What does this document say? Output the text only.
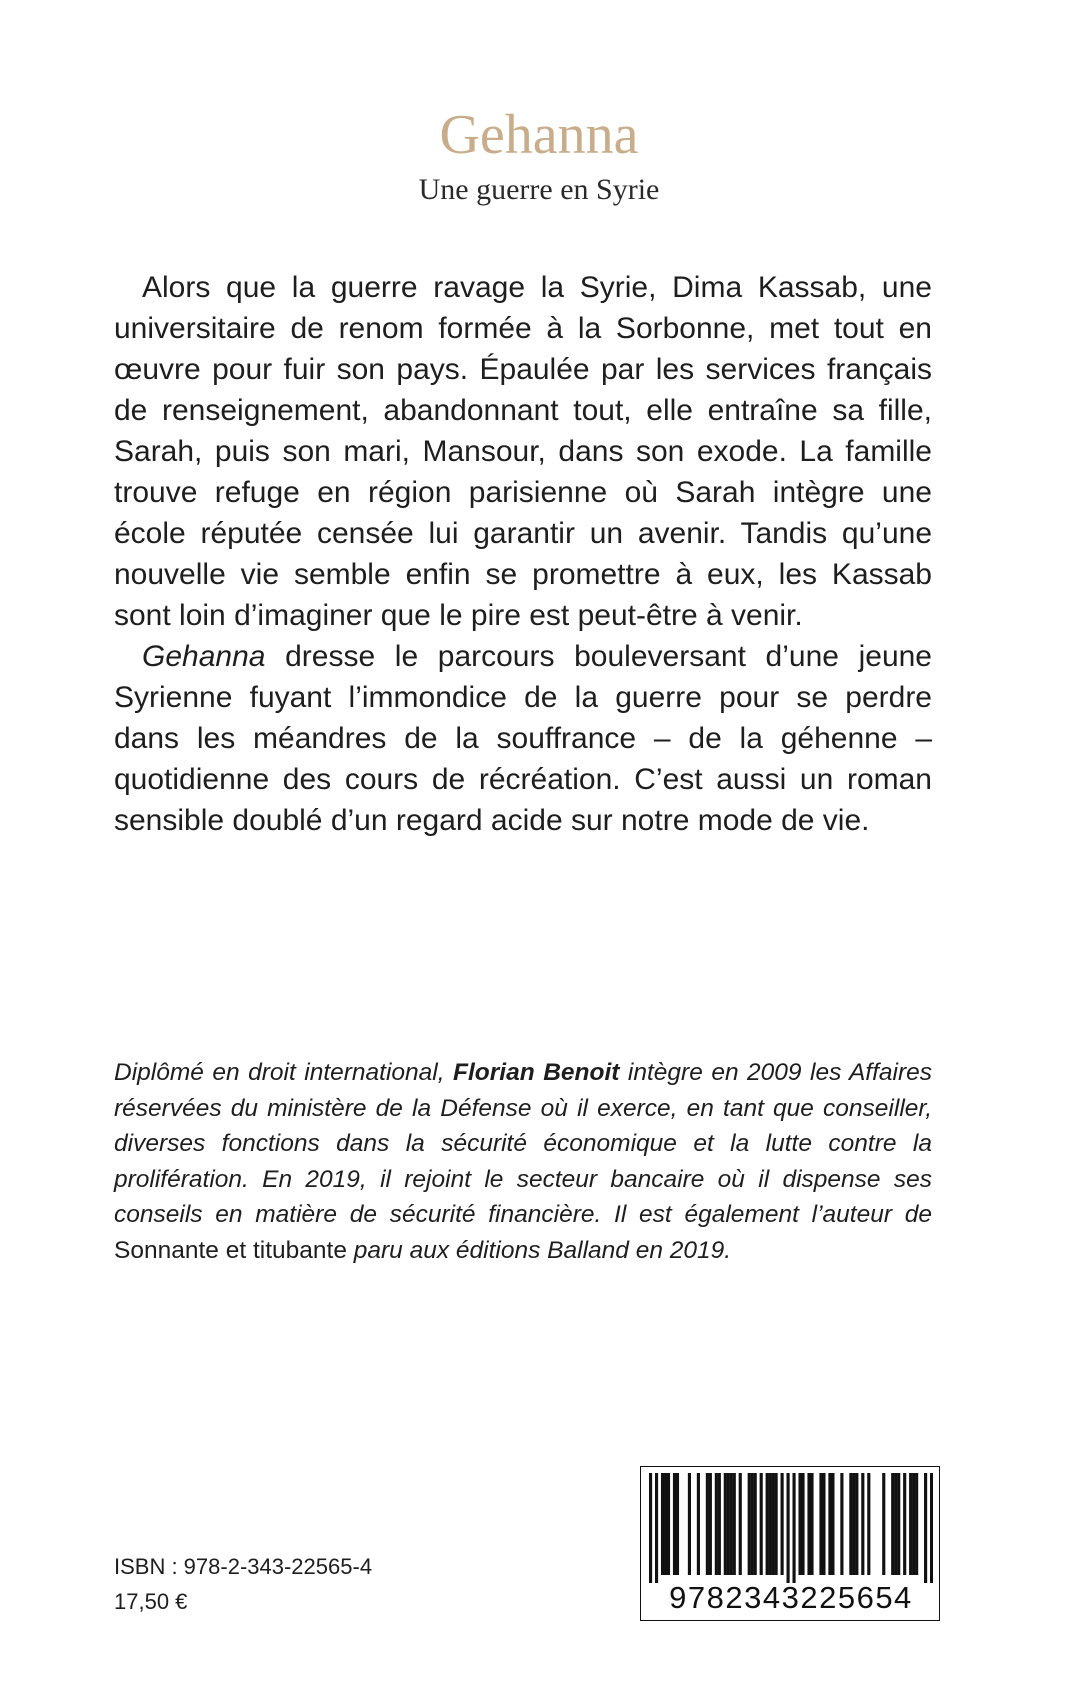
Gehanna
Une guerre en Syrie

Alors que la guerre ravage la Syrie, Dima Kassab, une universitaire de renom formée à la Sorbonne, met tout en œuvre pour fuir son pays. Épaulée par les services français de renseignement, abandonnant tout, elle entraîne sa fille, Sarah, puis son mari, Mansour, dans son exode. La famille trouve refuge en région parisienne où Sarah intègre une école réputée censée lui garantir un avenir. Tandis qu’une nouvelle vie semble enfin se promettre à eux, les Kassab sont loin d’imaginer que le pire est peut-être à venir.

Gehanna dresse le parcours bouleversant d’une jeune Syrienne fuyant l’immondice de la guerre pour se perdre dans les méandres de la souffrance – de la géhenne – quotidienne des cours de récréation. C’est aussi un roman sensible doublé d’un regard acide sur notre mode de vie.

Diplômé en droit international, Florian Benoit intègre en 2009 les Affaires réservées du ministère de la Défense où il exerce, en tant que conseiller, diverses fonctions dans la sécurité économique et la lutte contre la prolifération. En 2019, il rejoint le secteur bancaire où il dispense ses conseils en matière de sécurité financière. Il est également l’auteur de Sonnante et titubante paru aux éditions Balland en 2019.

ISBN : 978-2-343-22565-4
17,50 €	9782343225654
